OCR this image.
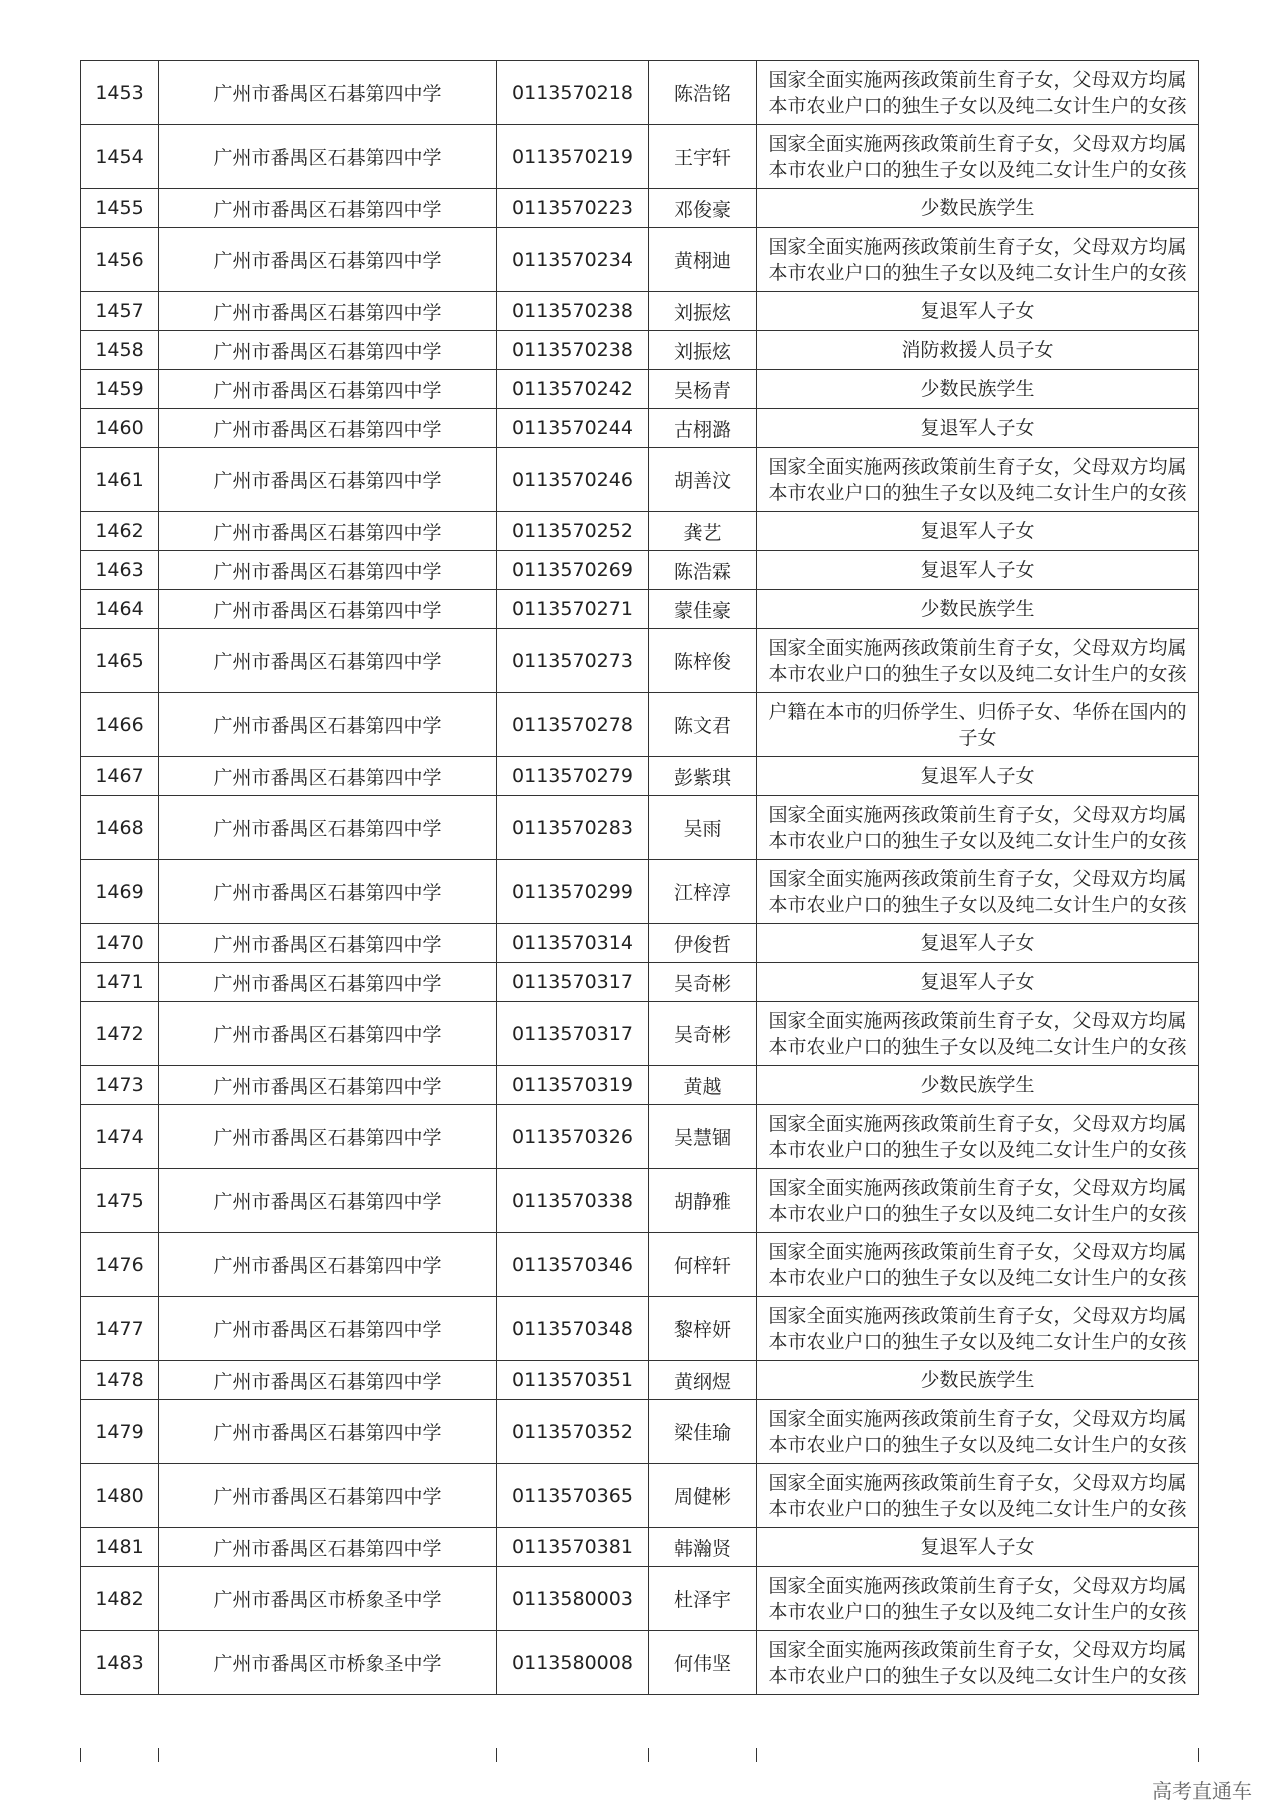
1453	广州市番禺区石碁第四中学	0113570218	陈浩铭	国家全面实施两孩政策前生育子女，父母双方均属本市农业户口的独生子女以及纯二女计生户的女孩
1454	广州市番禺区石碁第四中学	0113570219	王宇轩	国家全面实施两孩政策前生育子女，父母双方均属本市农业户口的独生子女以及纯二女计生户的女孩
1455	广州市番禺区石碁第四中学	0113570223	邓俊豪	少数民族学生
1456	广州市番禺区石碁第四中学	0113570234	黄栩迪	国家全面实施两孩政策前生育子女，父母双方均属本市农业户口的独生子女以及纯二女计生户的女孩
1457	广州市番禺区石碁第四中学	0113570238	刘振炫	复退军人子女
1458	广州市番禺区石碁第四中学	0113570238	刘振炫	消防救援人员子女
1459	广州市番禺区石碁第四中学	0113570242	吴杨青	少数民族学生
1460	广州市番禺区石碁第四中学	0113570244	古栩潞	复退军人子女
1461	广州市番禺区石碁第四中学	0113570246	胡善汶	国家全面实施两孩政策前生育子女，父母双方均属本市农业户口的独生子女以及纯二女计生户的女孩
1462	广州市番禺区石碁第四中学	0113570252	龚艺	复退军人子女
1463	广州市番禺区石碁第四中学	0113570269	陈浩霖	复退军人子女
1464	广州市番禺区石碁第四中学	0113570271	蒙佳豪	少数民族学生
1465	广州市番禺区石碁第四中学	0113570273	陈梓俊	国家全面实施两孩政策前生育子女，父母双方均属本市农业户口的独生子女以及纯二女计生户的女孩
1466	广州市番禺区石碁第四中学	0113570278	陈文君	户籍在本市的归侨学生、归侨子女、华侨在国内的子女
1467	广州市番禺区石碁第四中学	0113570279	彭紫琪	复退军人子女
1468	广州市番禺区石碁第四中学	0113570283	吴雨	国家全面实施两孩政策前生育子女，父母双方均属本市农业户口的独生子女以及纯二女计生户的女孩
1469	广州市番禺区石碁第四中学	0113570299	江梓淳	国家全面实施两孩政策前生育子女，父母双方均属本市农业户口的独生子女以及纯二女计生户的女孩
1470	广州市番禺区石碁第四中学	0113570314	伊俊哲	复退军人子女
1471	广州市番禺区石碁第四中学	0113570317	吴奇彬	复退军人子女
1472	广州市番禺区石碁第四中学	0113570317	吴奇彬	国家全面实施两孩政策前生育子女，父母双方均属本市农业户口的独生子女以及纯二女计生户的女孩
1473	广州市番禺区石碁第四中学	0113570319	黄越	少数民族学生
1474	广州市番禺区石碁第四中学	0113570326	吴慧锢	国家全面实施两孩政策前生育子女，父母双方均属本市农业户口的独生子女以及纯二女计生户的女孩
1475	广州市番禺区石碁第四中学	0113570338	胡静雅	国家全面实施两孩政策前生育子女，父母双方均属本市农业户口的独生子女以及纯二女计生户的女孩
1476	广州市番禺区石碁第四中学	0113570346	何梓轩	国家全面实施两孩政策前生育子女，父母双方均属本市农业户口的独生子女以及纯二女计生户的女孩
1477	广州市番禺区石碁第四中学	0113570348	黎梓妍	国家全面实施两孩政策前生育子女，父母双方均属本市农业户口的独生子女以及纯二女计生户的女孩
1478	广州市番禺区石碁第四中学	0113570351	黄纲煜	少数民族学生
1479	广州市番禺区石碁第四中学	0113570352	梁佳瑜	国家全面实施两孩政策前生育子女，父母双方均属本市农业户口的独生子女以及纯二女计生户的女孩
1480	广州市番禺区石碁第四中学	0113570365	周健彬	国家全面实施两孩政策前生育子女，父母双方均属本市农业户口的独生子女以及纯二女计生户的女孩
1481	广州市番禺区石碁第四中学	0113570381	韩瀚贤	复退军人子女
1482	广州市番禺区市桥象圣中学	0113580003	杜泽宇	国家全面实施两孩政策前生育子女，父母双方均属本市农业户口的独生子女以及纯二女计生户的女孩
1483	广州市番禺区市桥象圣中学	0113580008	何伟坚	国家全面实施两孩政策前生育子女，父母双方均属本市农业户口的独生子女以及纯二女计生户的女孩
高考直通车
